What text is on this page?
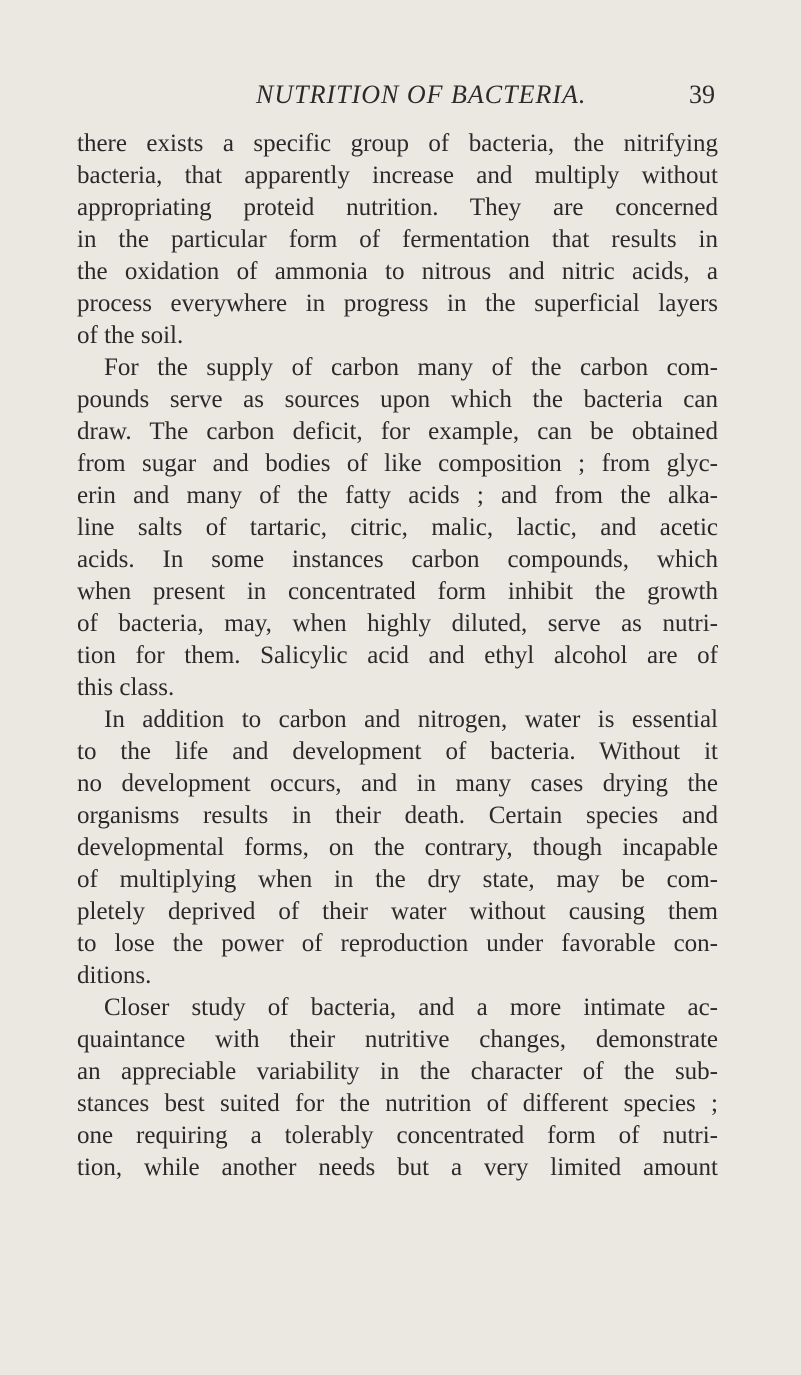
NUTRITION OF BACTERIA.	39
there exists a specific group of bacteria, the nitrifying
bacteria, that apparently increase and multiply without
appropriating proteid nutrition. They are concerned
in the particular form of fermentation that results in
the oxidation of ammonia to nitrous and nitric acids, a
process everywhere in progress in the superficial layers
of the soil.
For the supply of carbon many of the carbon com-
pounds serve as sources upon which the bacteria can
draw. The carbon deficit, for example, can be obtained
from sugar and bodies of like composition ; from glyc-
erin and many of the fatty acids ; and from the alka-
line salts of tartaric, citric, malic, lactic, and acetic
acids. In some instances carbon compounds, which
when present in concentrated form inhibit the growth
of bacteria, may, when highly diluted, serve as nutri-
tion for them. Salicylic acid and ethyl alcohol are of
this class.
In addition to carbon and nitrogen, water is essential
to the life and development of bacteria. Without it
no development occurs, and in many cases drying the
organisms results in their death. Certain species and
developmental forms, on the contrary, though incapable
of multiplying when in the dry state, may be com-
pletely deprived of their water without causing them
to lose the power of reproduction under favorable con-
ditions.
Closer study of bacteria, and a more intimate ac-
quaintance with their nutritive changes, demonstrate
an appreciable variability in the character of the sub-
stances best suited for the nutrition of different species ;
one requiring a tolerably concentrated form of nutri-
tion, while another needs but a very limited amount
